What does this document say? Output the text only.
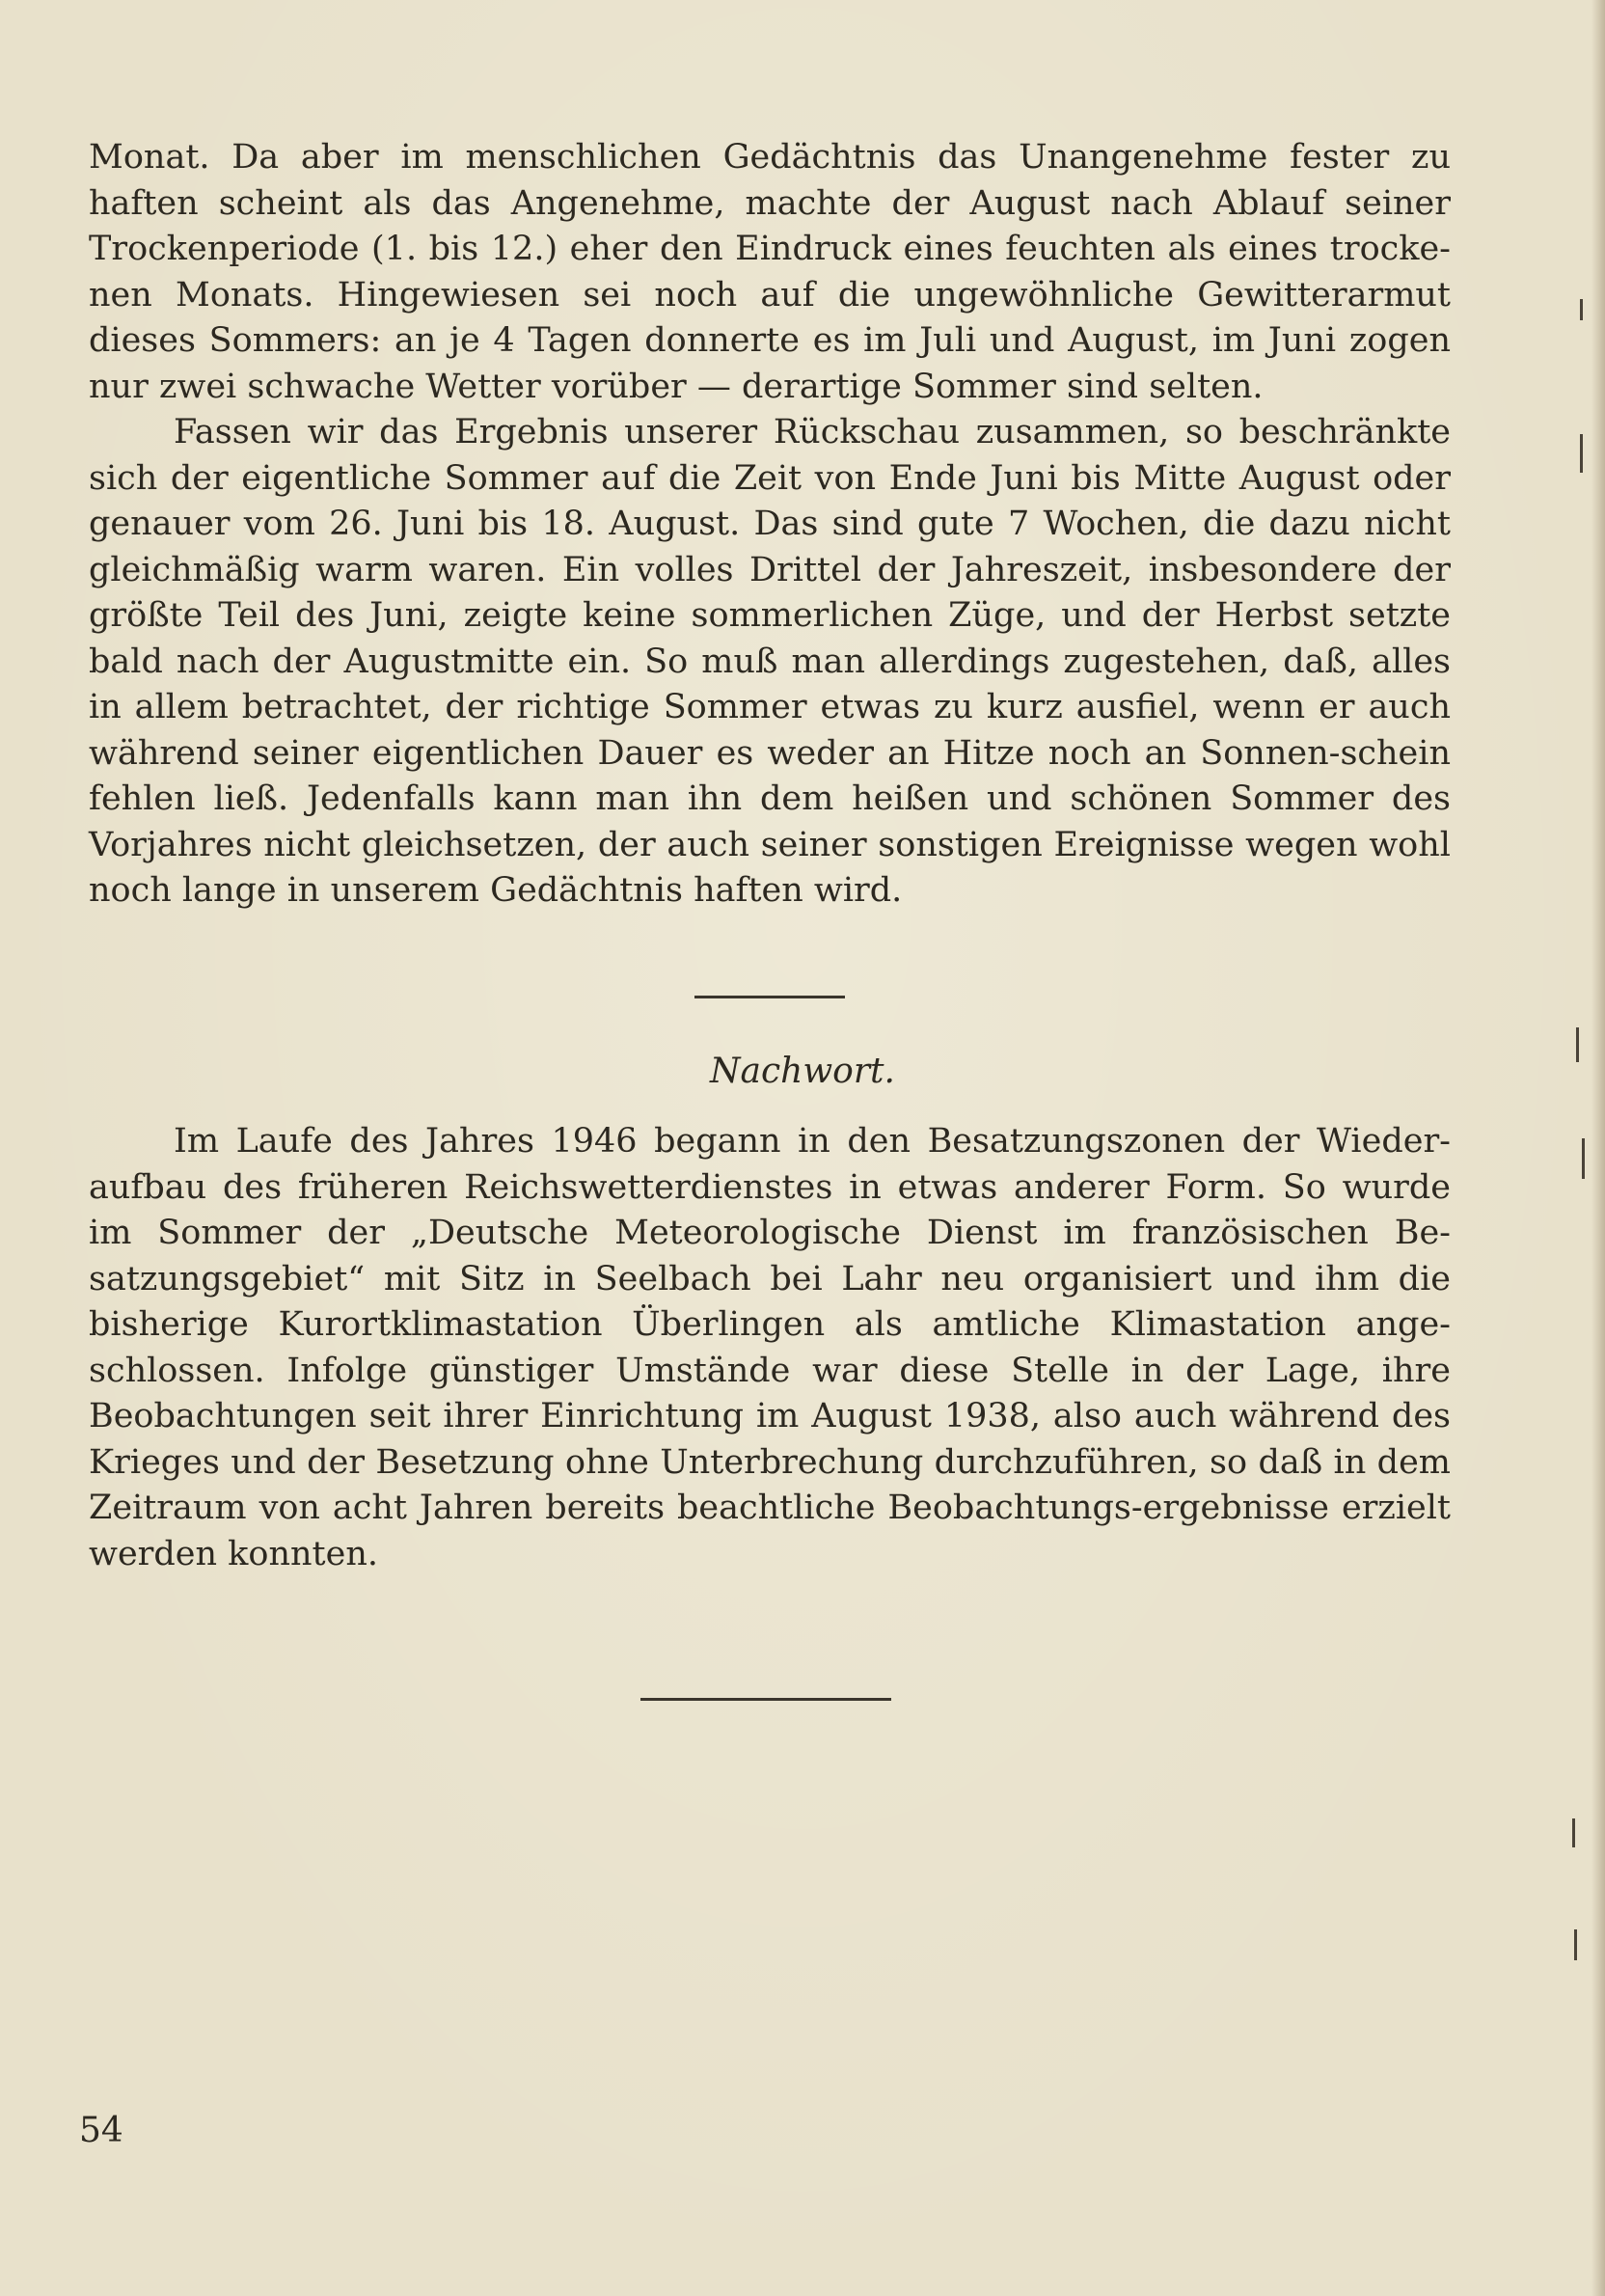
Monat. Da aber im menschlichen Gedächtnis das Unangenehme fester zu haften scheint als das Angenehme, machte der August nach Ablauf seiner Trockenperiode (1. bis 12.) eher den Eindruck eines feuchten als eines trocke-nen Monats. Hingewiesen sei noch auf die ungewöhnliche Gewitterarmut dieses Sommers: an je 4 Tagen donnerte es im Juli und August, im Juni zogen nur zwei schwache Wetter vorüber — derartige Sommer sind selten.

Fassen wir das Ergebnis unserer Rückschau zusammen, so beschränkte sich der eigentliche Sommer auf die Zeit von Ende Juni bis Mitte August oder genauer vom 26. Juni bis 18. August. Das sind gute 7 Wochen, die dazu nicht gleichmäßig warm waren. Ein volles Drittel der Jahreszeit, insbesondere der größte Teil des Juni, zeigte keine sommerlichen Züge, und der Herbst setzte bald nach der Augustmitte ein. So muß man allerdings zugestehen, daß, alles in allem betrachtet, der richtige Sommer etwas zu kurz ausfiel, wenn er auch während seiner eigentlichen Dauer es weder an Hitze noch an Sonnen-schein fehlen ließ. Jedenfalls kann man ihn dem heißen und schönen Sommer des Vorjahres nicht gleichsetzen, der auch seiner sonstigen Ereignisse wegen wohl noch lange in unserem Gedächtnis haften wird.

Nachwort.

Im Laufe des Jahres 1946 begann in den Besatzungszonen der Wieder-aufbau des früheren Reichswetterdienstes in etwas anderer Form. So wurde im Sommer der „Deutsche Meteorologische Dienst im französischen Be-satzungsgebiet“ mit Sitz in Seelbach bei Lahr neu organisiert und ihm die bisherige Kurortklimastation Überlingen als amtliche Klimastation ange-schlossen. Infolge günstiger Umstände war diese Stelle in der Lage, ihre Beobachtungen seit ihrer Einrichtung im August 1938, also auch während des Krieges und der Besetzung ohne Unterbrechung durchzuführen, so daß in dem Zeitraum von acht Jahren bereits beachtliche Beobachtungs-ergebnisse erzielt werden konnten.

54
